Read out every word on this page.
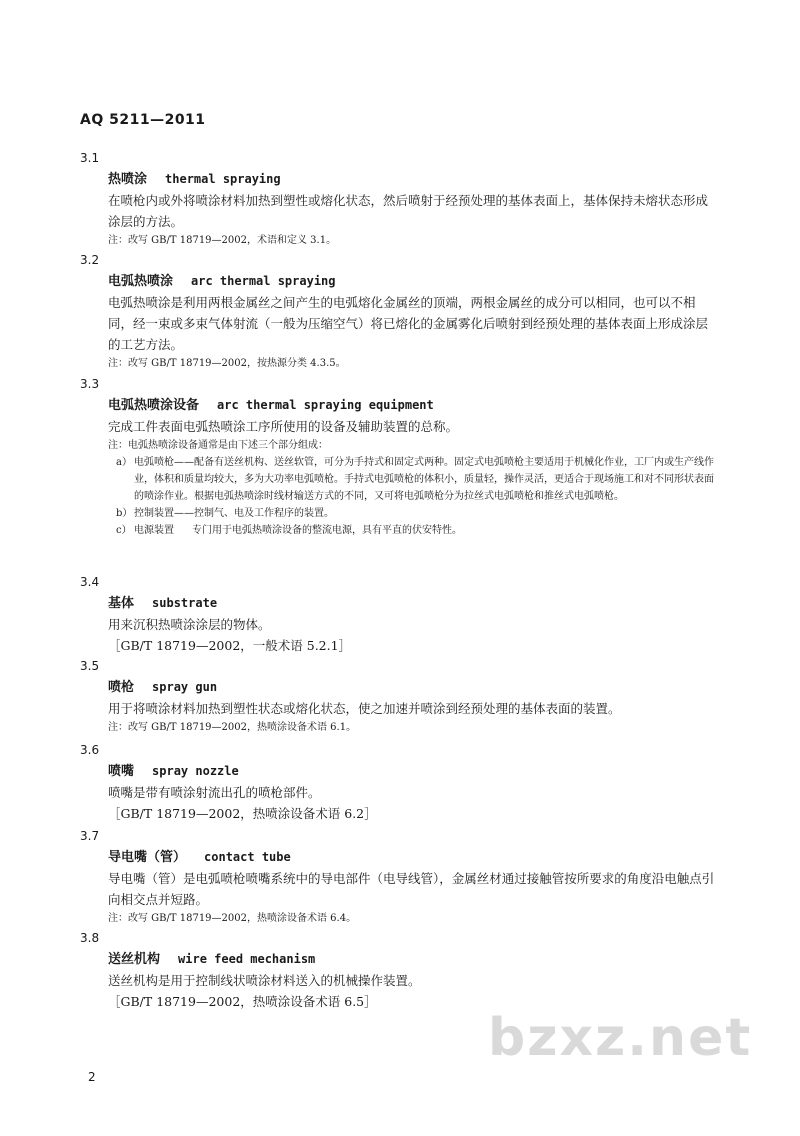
AQ 5211—2011
3.1
热喷涂 thermal spraying
在喷枪内或外将喷涂材料加热到塑性或熔化状态，然后喷射于经预处理的基体表面上，基体保持未熔状态形成涂层的方法。
注：改写 GB/T 18719—2002，术语和定义 3.1。
3.2
电弧热喷涂 arc thermal spraying
电弧热喷涂是利用两根金属丝之间产生的电弧熔化金属丝的顶端，两根金属丝的成分可以相同，也可以不相同，经一束或多束气体射流（一般为压缩空气）将已熔化的金属雾化后喷射到经预处理的基体表面上形成涂层的工艺方法。
注：改写 GB/T 18719—2002，按热源分类 4.3.5。
3.3
电弧热喷涂设备 arc thermal spraying equipment
完成工件表面电弧热喷涂工序所使用的设备及辅助装置的总称。
注：电弧热喷涂设备通常是由下述三个部分组成：
a） 电弧喷枪——配备有送丝机构、送丝软管，可分为手持式和固定式两种。固定式电弧喷枪主要适用于机械化作业，工厂内或生产线作业，体积和质量均较大，多为大功率电弧喷枪。手持式电弧喷枪的体积小，质量轻，操作灵活，更适合于现场施工和对不同形状表面的喷涂作业。根据电弧热喷涂时线材输送方式的不同，又可将电弧喷枪分为拉丝式电弧喷枪和推丝式电弧喷枪。
b） 控制装置——控制气、电及工作程序的装置。
c） 电源装置 专门用于电弧热喷涂设备的整流电源，具有平直的伏安特性。
3.4
基体 substrate
用来沉积热喷涂涂层的物体。
［GB/T 18719—2002，一般术语 5.2.1］
3.5
喷枪 spray gun
用于将喷涂材料加热到塑性状态或熔化状态，使之加速并喷涂到经预处理的基体表面的装置。
注：改写 GB/T 18719—2002，热喷涂设备术语 6.1。
3.6
喷嘴 spray nozzle
喷嘴是带有喷涂射流出孔的喷枪部件。
［GB/T 18719—2002，热喷涂设备术语 6.2］
3.7
导电嘴（管） contact tube
导电嘴（管）是电弧喷枪喷嘴系统中的导电部件（电导线管），金属丝材通过接触管按所要求的角度沿电触点引向相交点并短路。
注：改写 GB/T 18719—2002，热喷涂设备术语 6.4。
3.8
送丝机构 wire feed mechanism
送丝机构是用于控制线状喷涂材料送入的机械操作装置。
［GB/T 18719—2002，热喷涂设备术语 6.5］
bzxz.net
2
